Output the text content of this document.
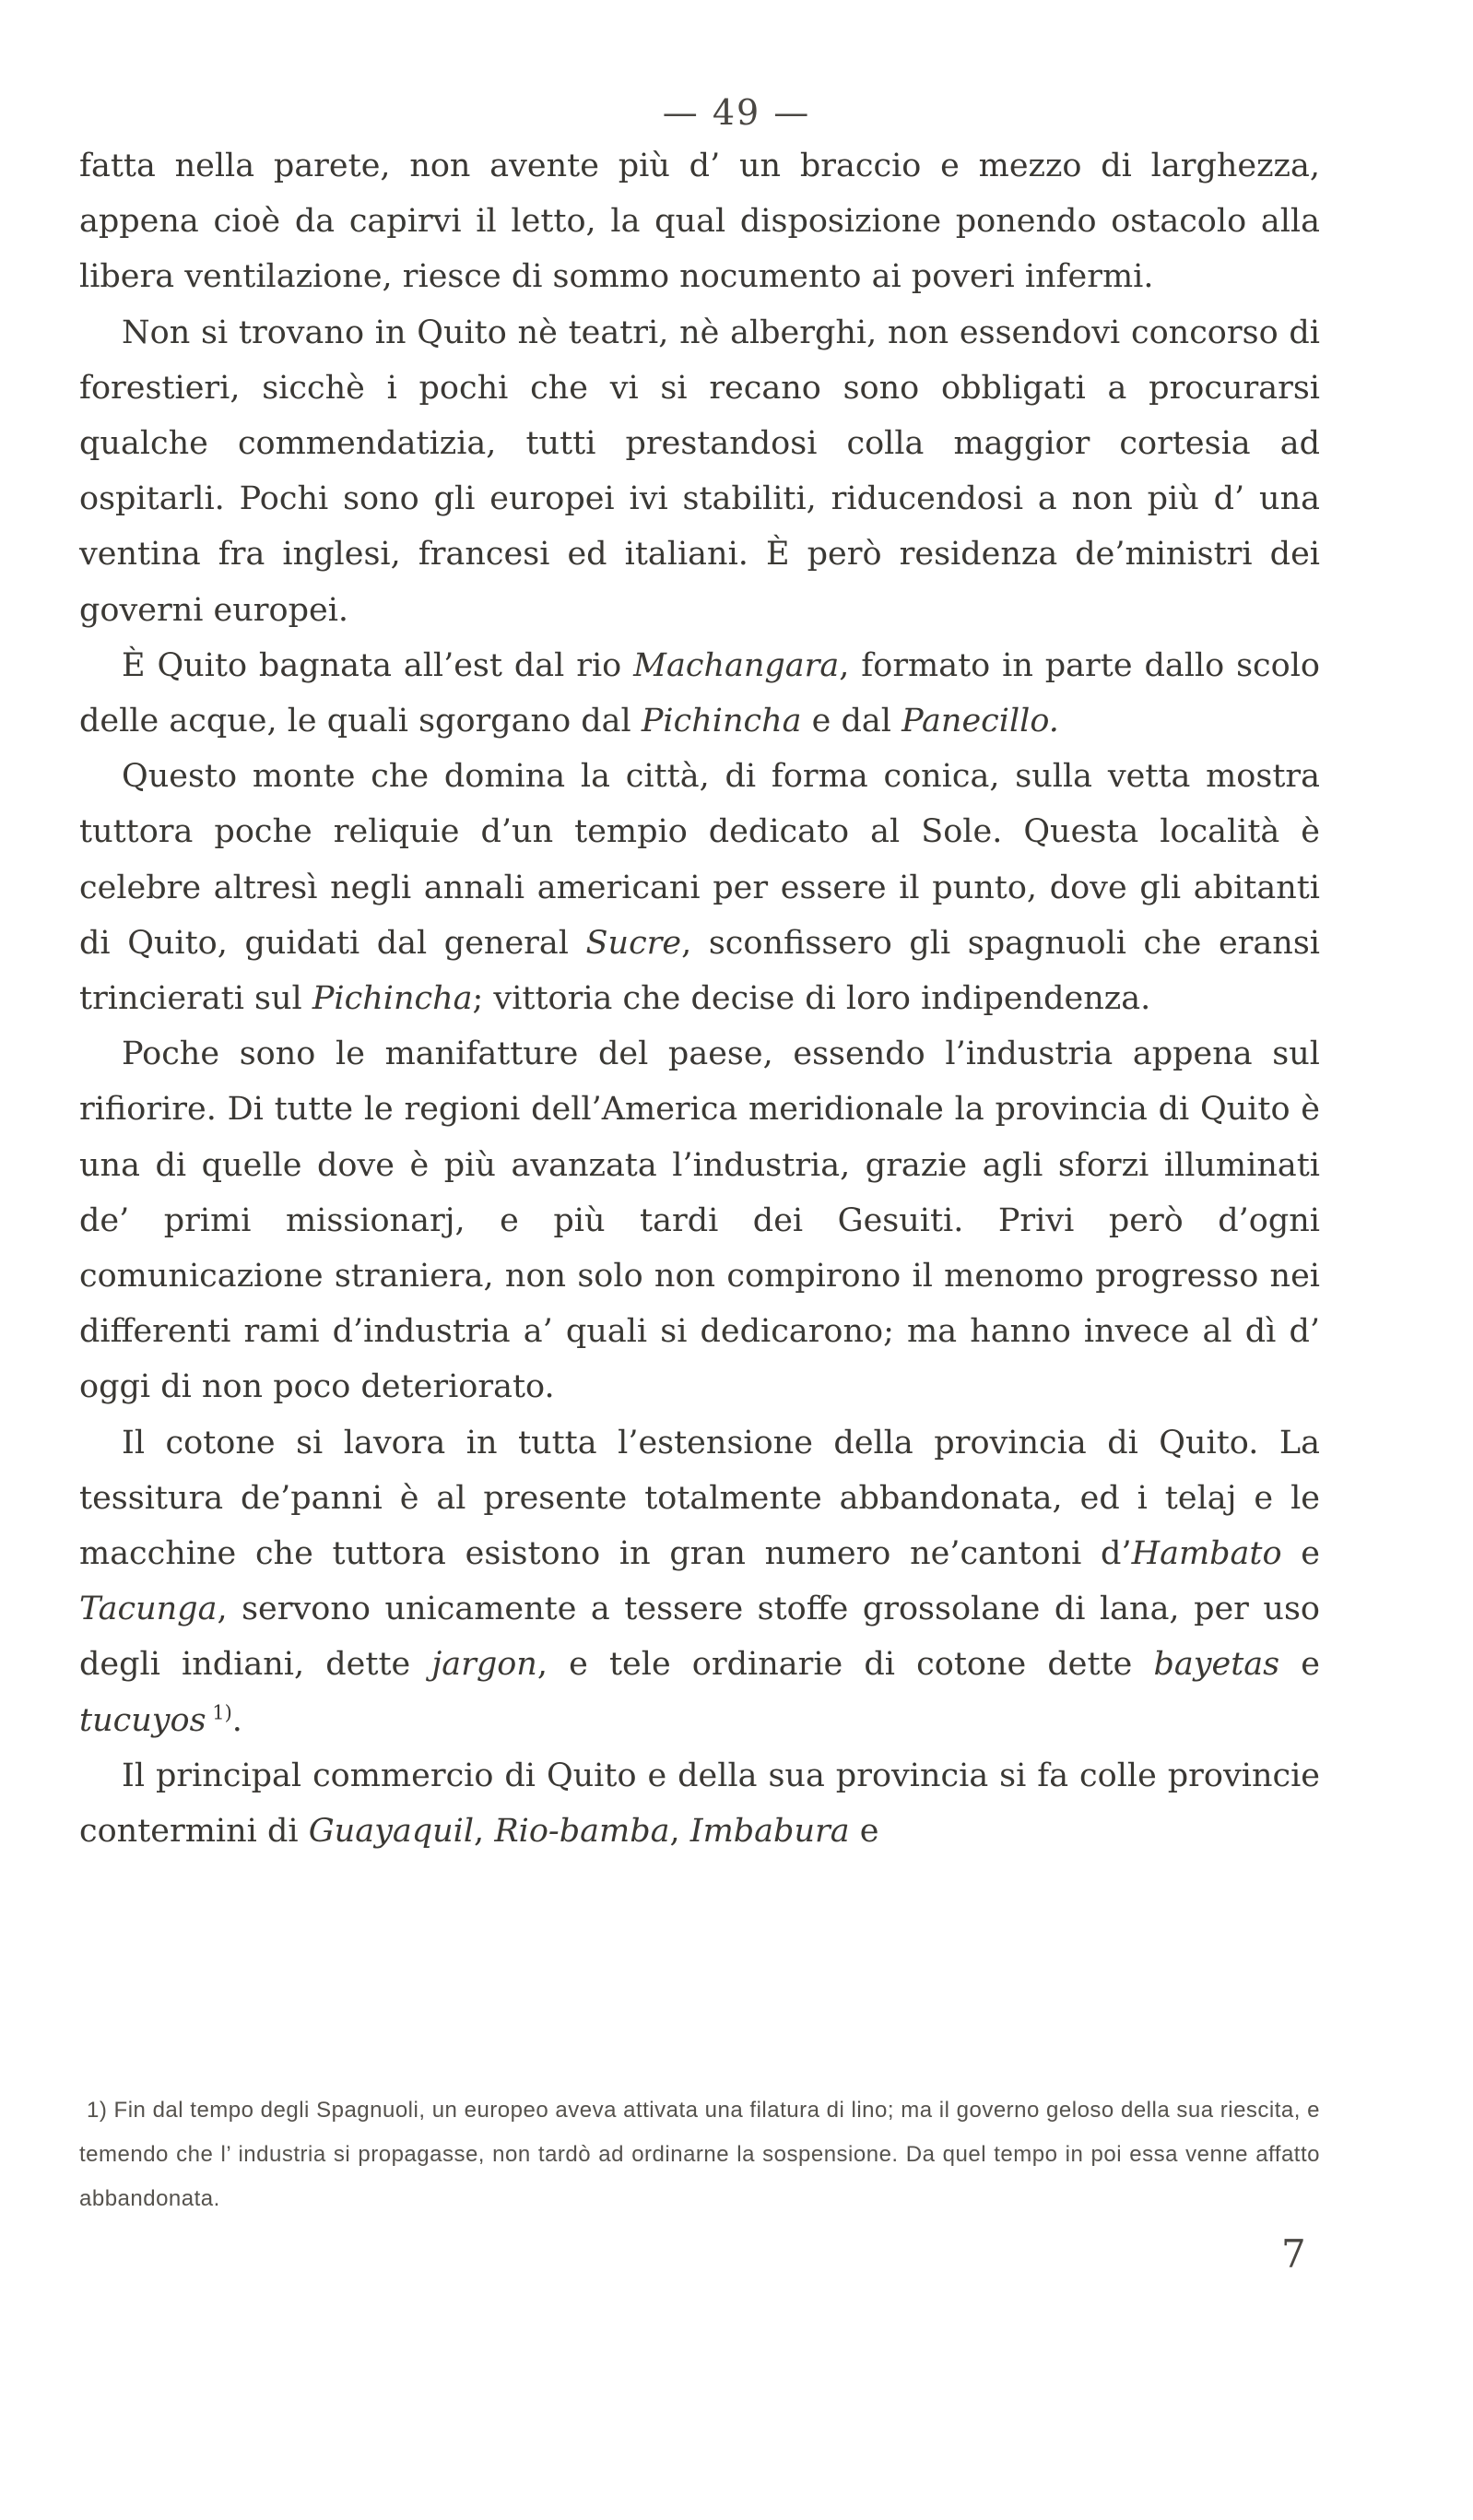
— 49 —

fatta nella parete, non avente più d’ un braccio e mezzo di larghezza, appena cioè da capirvi il letto, la qual disposizione ponendo ostacolo alla libera ventilazione, riesce di sommo nocumento ai poveri infermi.

Non si trovano in Quito nè teatri, nè alberghi, non essendovi concorso di forestieri, sicchè i pochi che vi si recano sono obbligati a procurarsi qualche commendatizia, tutti prestandosi colla maggior cortesia ad ospitarli. Pochi sono gli europei ivi stabiliti, riducendosi a non più d’ una ventina fra inglesi, francesi ed italiani. È però residenza de’ministri dei governi europei.

È Quito bagnata all’est dal rio Machangara, formato in parte dallo scolo delle acque, le quali sgorgano dal Pichincha e dal Panecillo.

Questo monte che domina la città, di forma conica, sulla vetta mostra tuttora poche reliquie d’un tempio dedicato al Sole. Questa località è celebre altresì negli annali americani per essere il punto, dove gli abitanti di Quito, guidati dal general Sucre, sconfissero gli spagnuoli che eransi trincierati sul Pichincha; vittoria che decise di loro indipendenza.

Poche sono le manifatture del paese, essendo l’industria appena sul rifiorire. Di tutte le regioni dell’America meridionale la provincia di Quito è una di quelle dove è più avanzata l’industria, grazie agli sforzi illuminati de’ primi missionarj, e più tardi dei Gesuiti. Privi però d’ogni comunicazione straniera, non solo non compirono il menomo progresso nei differenti rami d’industria a’ quali si dedicarono; ma hanno invece al dì d’ oggi di non poco deteriorato.

Il cotone si lavora in tutta l’estensione della provincia di Quito. La tessitura de’panni è al presente totalmente abbandonata, ed i telaj e le macchine che tuttora esistono in gran numero ne’cantoni d’Hambato e Tacunga, servono unicamente a tessere stoffe grossolane di lana, per uso degli indiani, dette jargon, e tele ordinarie di cotone dette bayetas e tucuyos $^{1)}$.

Il principal commercio di Quito e della sua provincia si fa colle provincie contermini di Guayaquil, Rio-bamba, Imbabura e

1) Fin dal tempo degli Spagnuoli, un europeo aveva attivata una filatura di lino; ma il governo geloso della sua riescita, e temendo che l’ industria si propagasse, non tardò ad ordinarne la sospensione. Da quel tempo in poi essa venne affatto abbandonata.

7
